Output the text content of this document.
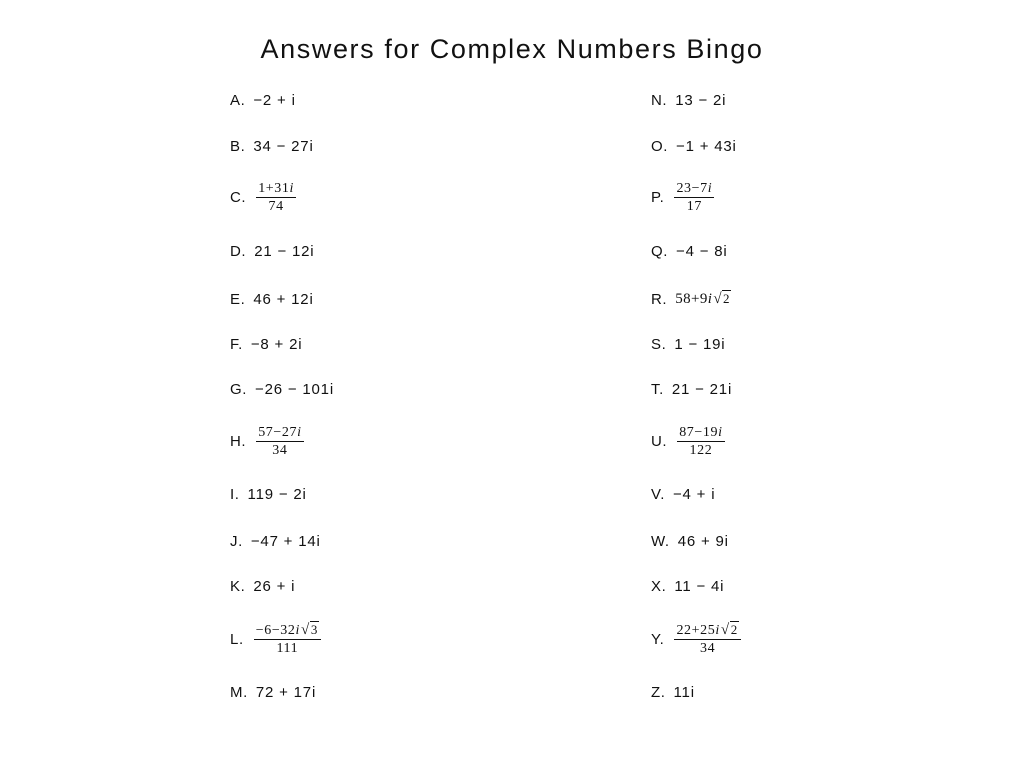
Answers for Complex Numbers Bingo
A. −2 + i
B. 34 − 27i
C. $\frac{1+31i}{74}$
D. 21 − 12i
E. 46 + 12i
F. −8 + 2i
G. −26 − 101i
H. $\frac{57-27i}{34}$
I. 119 − 2i
J. −47 + 14i
K. 26 + i
L. $\frac{-6-32i√3}{111}$
M. 72 + 17i
N. 13 − 2i
O. −1 + 43i
P. $\frac{23-7i}{17}$
Q. −4 − 8i
R. 58+9i√2
S. 1 − 19i
T. 21 − 21i
U. $\frac{87-19i}{122}$
V. −4 + i
W. 46 + 9i
X. 11 − 4i
Y. $\frac{22+25i√2}{34}$
Z. 11i
